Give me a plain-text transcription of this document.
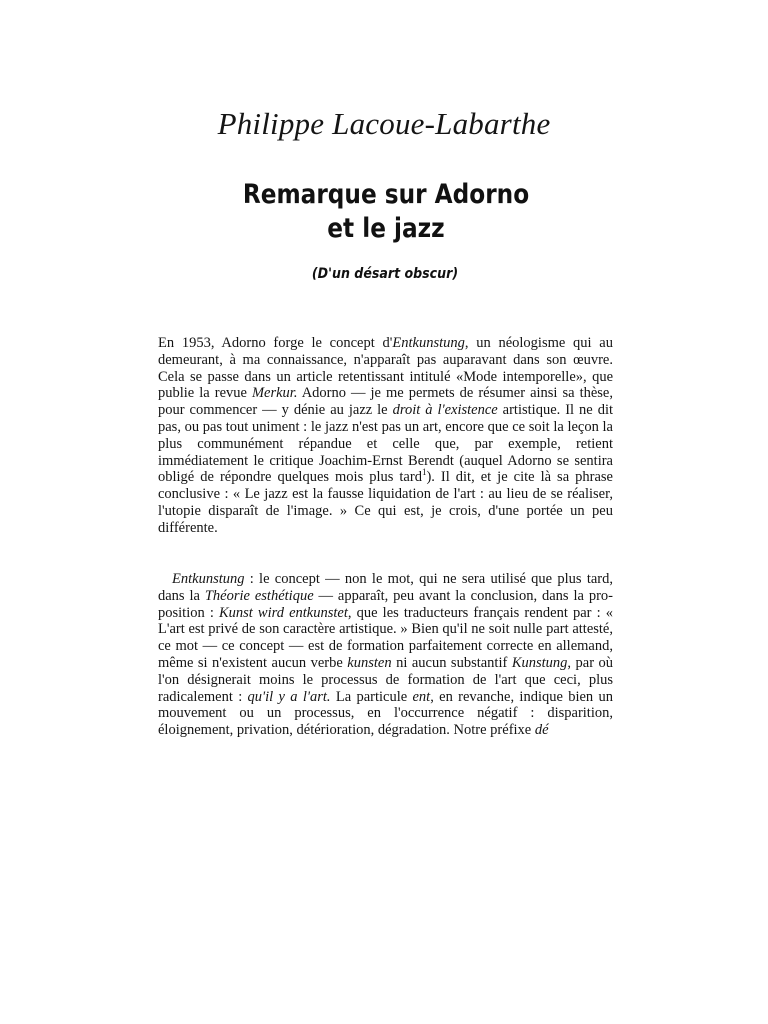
Philippe Lacoue-Labarthe
Remarque sur Adorno
et le jazz
(D'un désart obscur)

En 1953, Adorno forge le concept d'Entkunstung, un néologisme qui au demeurant, à ma connaissance, n'apparaît pas auparavant dans son œuvre. Cela se passe dans un article retentissant intitulé «Mode intemporelle», que publie la revue Merkur. Adorno — je me permets de résumer ainsi sa thèse, pour commencer — y dénie au jazz le droit à l'existence artistique. Il ne dit pas, ou pas tout uniment : le jazz n'est pas un art, encore que ce soit la leçon la plus communément répandue et celle que, par exemple, retient immédiatement le critique Joachim-Ernst Berendt (auquel Adorno se sentira obligé de répondre quelques mois plus tard$^1$). Il dit, et je cite là sa phrase conclusive : « Le jazz est la fausse liquidation de l'art : au lieu de se réaliser, l'utopie disparaît de l'image. » Ce qui est, je crois, d'une portée un peu différente.

Entkunstung : le concept — non le mot, qui ne sera utilisé que plus tard, dans la Théorie esthétique — apparaît, peu avant la conclusion, dans la proposition : Kunst wird entkunstet, que les traducteurs français rendent par : « L'art est privé de son caractère artistique. » Bien qu'il ne soit nulle part attesté, ce mot — ce concept — est de formation parfaitement correcte en allemand, même si n'existent aucun verbe kunsten ni aucun substantif Kunstung, par où l'on désignerait moins le processus de formation de l'art que ceci, plus radicalement : qu'il y a l'art. La particule ent, en revanche, indique bien un mouvement ou un processus, en l'occurrence négatif : disparition, éloignement, privation, détérioration, dégradation. Notre préfixe dé
